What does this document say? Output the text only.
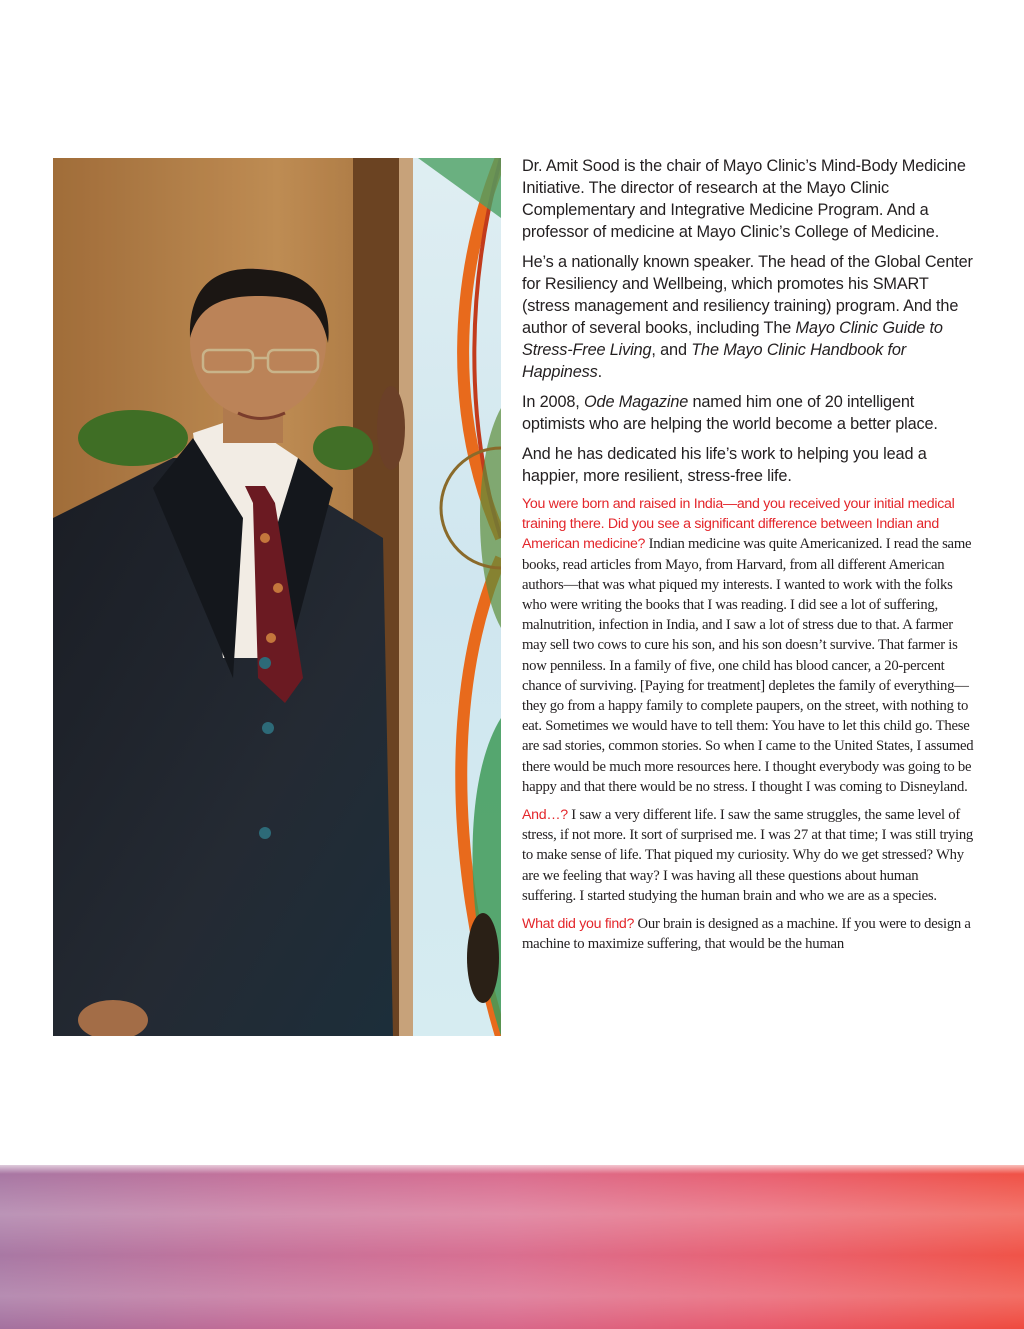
Dr. Amit Sood is the chair of Mayo Clinic’s Mind-Body Medicine Initiative. The director of research at the Mayo Clinic Complementary and Integrative Medicine Program. And a professor of medicine at Mayo Clinic’s College of Medicine.

He’s a nationally known speaker. The head of the Global Center for Resiliency and Wellbeing, which promotes his SMART (stress management and resiliency training) program. And the author of several books, including The Mayo Clinic Guide to Stress-Free Living, and The Mayo Clinic Handbook for Happiness.

In 2008, Ode Magazine named him one of 20 intelligent optimists who are helping the world become a better place.

And he has dedicated his life’s work to helping you lead a happier, more resilient, stress-free life.

You were born and raised in India—and you received your initial medical training there. Did you see a significant difference between Indian and American medicine? Indian medicine was quite Americanized. I read the same books, read articles from Mayo, from Harvard, from all different American authors—that was what piqued my interests. I wanted to work with the folks who were writing the books that I was reading. I did see a lot of suffering, malnutrition, infection in India, and I saw a lot of stress due to that. A farmer may sell two cows to cure his son, and his son doesn’t survive. That farmer is now penniless. In a family of five, one child has blood cancer, a 20-percent chance of surviving. [Paying for treatment] depletes the family of everything—they go from a happy family to complete paupers, on the street, with nothing to eat. Sometimes we would have to tell them: You have to let this child go. These are sad stories, common stories. So when I came to the United States, I assumed there would be much more resources here. I thought everybody was going to be happy and that there would be no stress. I thought I was coming to Disneyland.

And…? I saw a very different life. I saw the same struggles, the same level of stress, if not more. It sort of surprised me. I was 27 at that time; I was still trying to make sense of life. That piqued my curiosity. Why do we get stressed? Why are we feeling that way? I was having all these questions about human suffering. I started studying the human brain and who we are as a species.

What did you find? Our brain is designed as a machine. If you were to design a machine to maximize suffering, that would be the human
